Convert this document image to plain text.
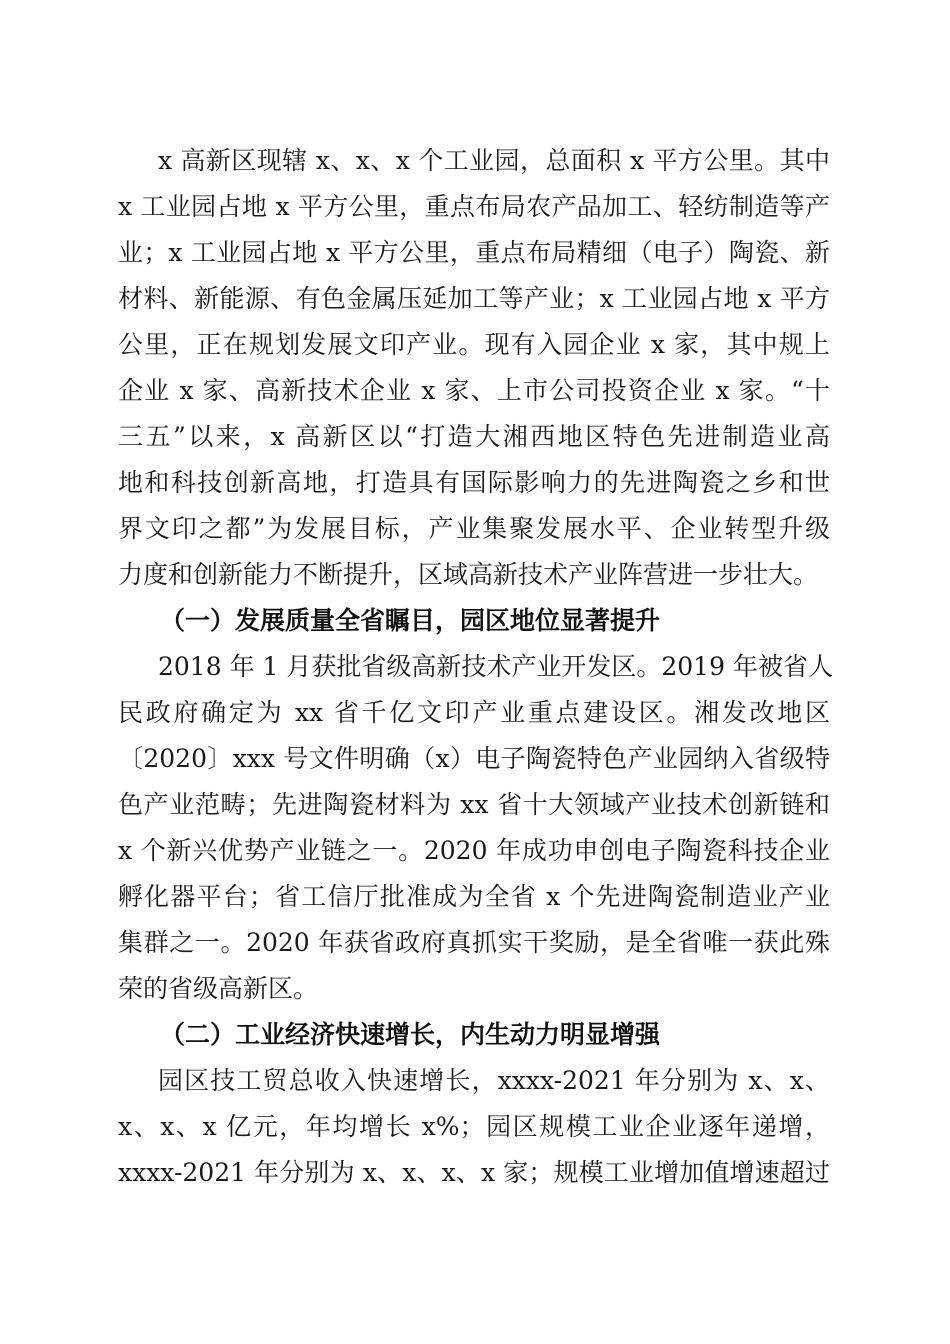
x 高新区现辖 x、x、x 个工业园，总面积 x 平方公里。其中
x 工业园占地 x 平方公里，重点布局农产品加工、轻纺制造等产
业；x 工业园占地 x 平方公里，重点布局精细（电子）陶瓷、新
材料、新能源、有色金属压延加工等产业；x 工业园占地 x 平方
公里，正在规划发展文印产业。现有入园企业 x 家，其中规上
企业 x 家、高新技术企业 x 家、上市公司投资企业 x 家。“十
三五”以来，x 高新区以“打造大湘西地区特色先进制造业高
地和科技创新高地，打造具有国际影响力的先进陶瓷之乡和世
界文印之都”为发展目标，产业集聚发展水平、企业转型升级
力度和创新能力不断提升，区域高新技术产业阵营进一步壮大。
（一）发展质量全省瞩目，园区地位显著提升
2018 年 1 月获批省级高新技术产业开发区。2019 年被省人
民政府确定为 xx 省千亿文印产业重点建设区。湘发改地区
〔2020〕xxx 号文件明确（x）电子陶瓷特色产业园纳入省级特
色产业范畴；先进陶瓷材料为 xx 省十大领域产业技术创新链和
x 个新兴优势产业链之一。2020 年成功申创电子陶瓷科技企业
孵化器平台；省工信厅批准成为全省 x 个先进陶瓷制造业产业
集群之一。2020 年获省政府真抓实干奖励，是全省唯一获此殊
荣的省级高新区。
（二）工业经济快速增长，内生动力明显增强
园区技工贸总收入快速增长，xxxx-2021 年分别为 x、x、
x、x、x 亿元，年均增长 x%；园区规模工业企业逐年递增，
xxxx-2021 年分别为 x、x、x、x 家；规模工业增加值增速超过
